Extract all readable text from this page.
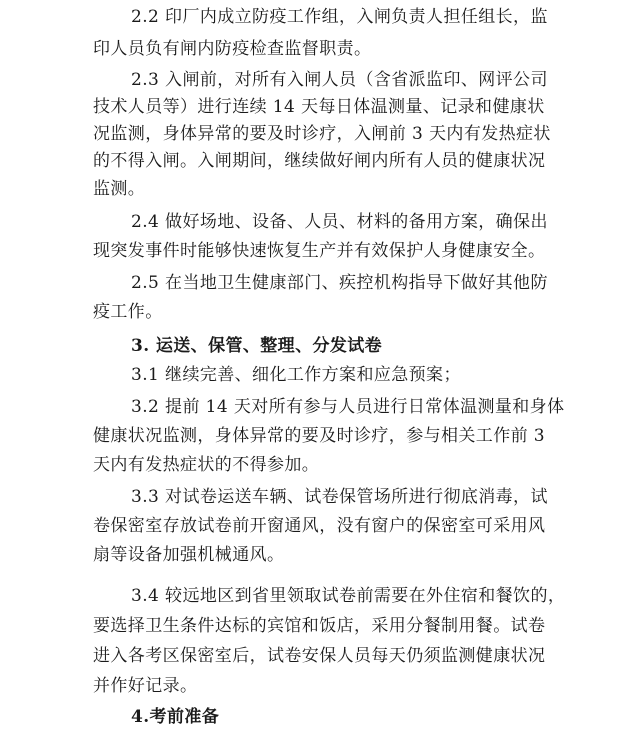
2.2 印厂内成立防疫工作组，入闸负责人担任组长，监
印人员负有闸内防疫检查监督职责。
2.3 入闸前，对所有入闸人员（含省派监印、网评公司
技术人员等）进行连续 14 天每日体温测量、记录和健康状
况监测，身体异常的要及时诊疗，入闸前 3 天内有发热症状
的不得入闸。入闸期间，继续做好闸内所有人员的健康状况
监测。
2.4 做好场地、设备、人员、材料的备用方案，确保出
现突发事件时能够快速恢复生产并有效保护人身健康安全。
2.5 在当地卫生健康部门、疾控机构指导下做好其他防
疫工作。
3. 运送、保管、整理、分发试卷
3.1 继续完善、细化工作方案和应急预案；
3.2 提前 14 天对所有参与人员进行日常体温测量和身体
健康状况监测，身体异常的要及时诊疗，参与相关工作前 3
天内有发热症状的不得参加。
3.3 对试卷运送车辆、试卷保管场所进行彻底消毒，试
卷保密室存放试卷前开窗通风，没有窗户的保密室可采用风
扇等设备加强机械通风。
3.4 较远地区到省里领取试卷前需要在外住宿和餐饮的，
要选择卫生条件达标的宾馆和饭店，采用分餐制用餐。试卷
进入各考区保密室后，试卷安保人员每天仍须监测健康状况
并作好记录。
4.考前准备
